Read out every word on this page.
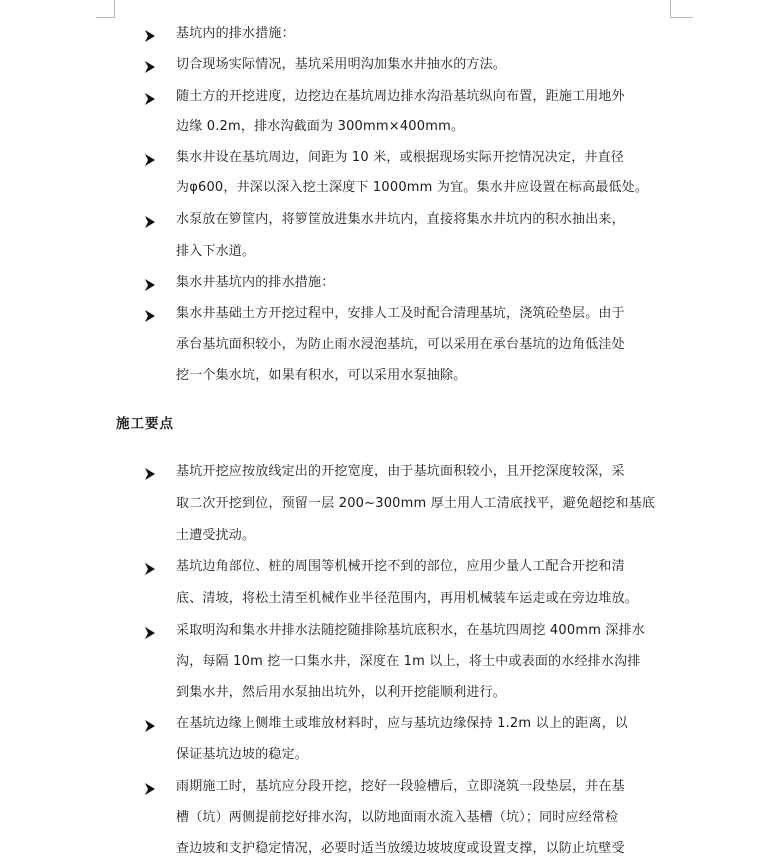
基坑内的排水措施：
切合现场实际情况，基坑采用明沟加集水井抽水的方法。
随土方的开挖进度，边挖边在基坑周边排水沟沿基坑纵向布置，距施工用地外
边缘 0.2m，排水沟截面为 300mm×400mm。
集水井设在基坑周边，间距为 10 米，或根据现场实际开挖情况决定，井直径
为φ600，井深以深入挖土深度下 1000mm 为宜。集水井应设置在标高最低处。
水泵放在箩筐内，将箩筐放进集水井坑内，直接将集水井坑内的积水抽出来，
排入下水道。
集水井基坑内的排水措施：
集水井基础土方开挖过程中，安排人工及时配合清理基坑，浇筑砼垫层。由于
承台基坑面积较小，为防止雨水浸泡基坑，可以采用在承台基坑的边角低洼处
挖一个集水坑，如果有积水，可以采用水泵抽除。
施工要点
基坑开挖应按放线定出的开挖宽度，由于基坑面积较小，且开挖深度较深，采
取二次开挖到位，预留一层 200~300mm 厚土用人工清底找平，避免超挖和基底
土遭受扰动。
基坑边角部位、桩的周围等机械开挖不到的部位，应用少量人工配合开挖和清
底、清坡，将松土清至机械作业半径范围内，再用机械装车运走或在旁边堆放。
采取明沟和集水井排水法随挖随排除基坑底积水，在基坑四周挖 400mm 深排水
沟，每隔 10m 挖一口集水井，深度在 1m 以上，将土中或表面的水经排水沟排
到集水井，然后用水泵抽出坑外，以利开挖能顺利进行。
在基坑边缘上侧堆土或堆放材料时，应与基坑边缘保持 1.2m 以上的距离，以
保证基坑边坡的稳定。
雨期施工时，基坑应分段开挖，挖好一段验槽后，立即浇筑一段垫层，并在基
槽（坑）两侧提前挖好排水沟，以防地面雨水流入基槽（坑）；同时应经常检
查边坡和支护稳定情况，必要时适当放缓边坡坡度或设置支撑，以防止坑壁受
